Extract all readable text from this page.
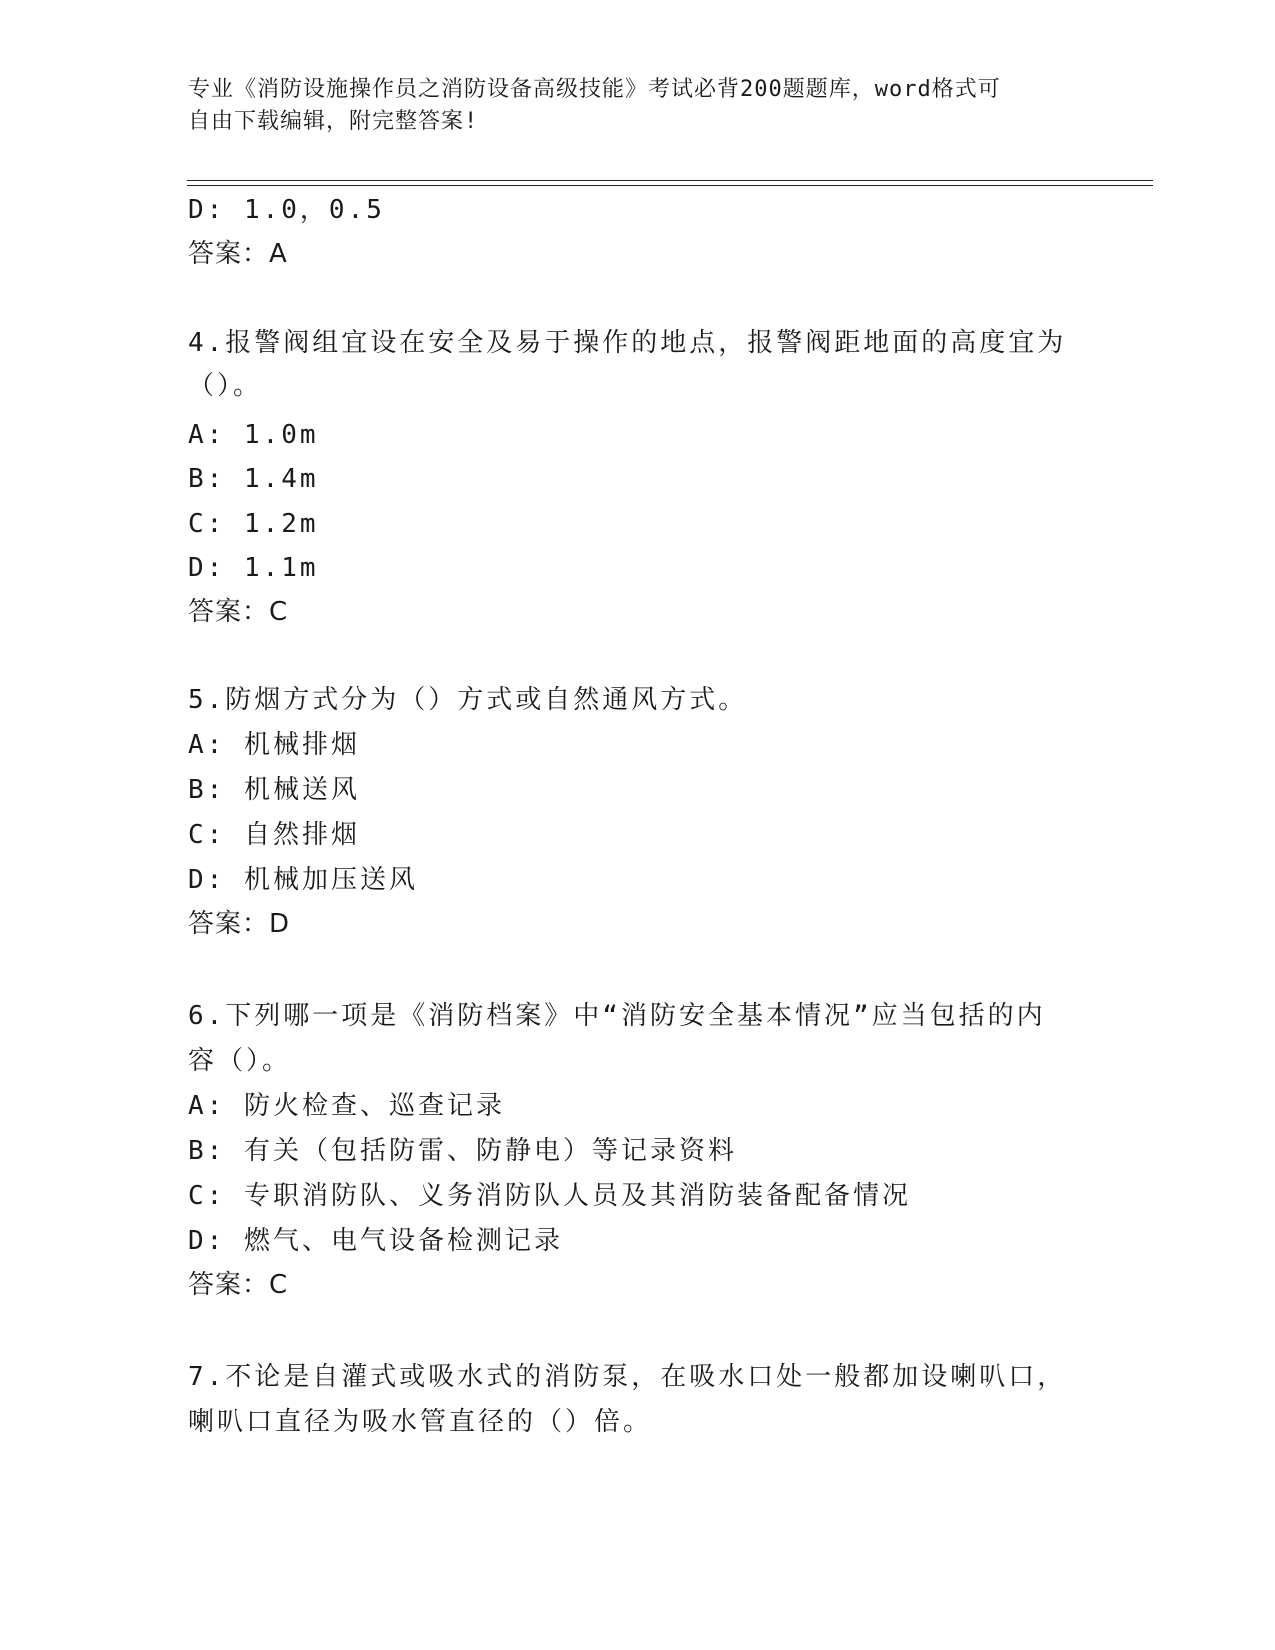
专业《消防设施操作员之消防设备高级技能》考试必背200题题库，word格式可
自由下载编辑，附完整答案!
D: 1.0，0.5
答案：A
4.报警阀组宜设在安全及易于操作的地点，报警阀距地面的高度宜为
（）。
A: 1.0m
B: 1.4m
C: 1.2m
D: 1.1m
答案：C
5.防烟方式分为（）方式或自然通风方式。
A: 机械排烟
B: 机械送风
C: 自然排烟
D: 机械加压送风
答案：D
6.下列哪一项是《消防档案》中“消防安全基本情况”应当包括的内
容（）。
A: 防火检查、巡查记录
B: 有关（包括防雷、防静电）等记录资料
C: 专职消防队、义务消防队人员及其消防装备配备情况
D: 燃气、电气设备检测记录
答案：C
7.不论是自灌式或吸水式的消防泵，在吸水口处一般都加设喇叭口，
喇叭口直径为吸水管直径的（）倍。
